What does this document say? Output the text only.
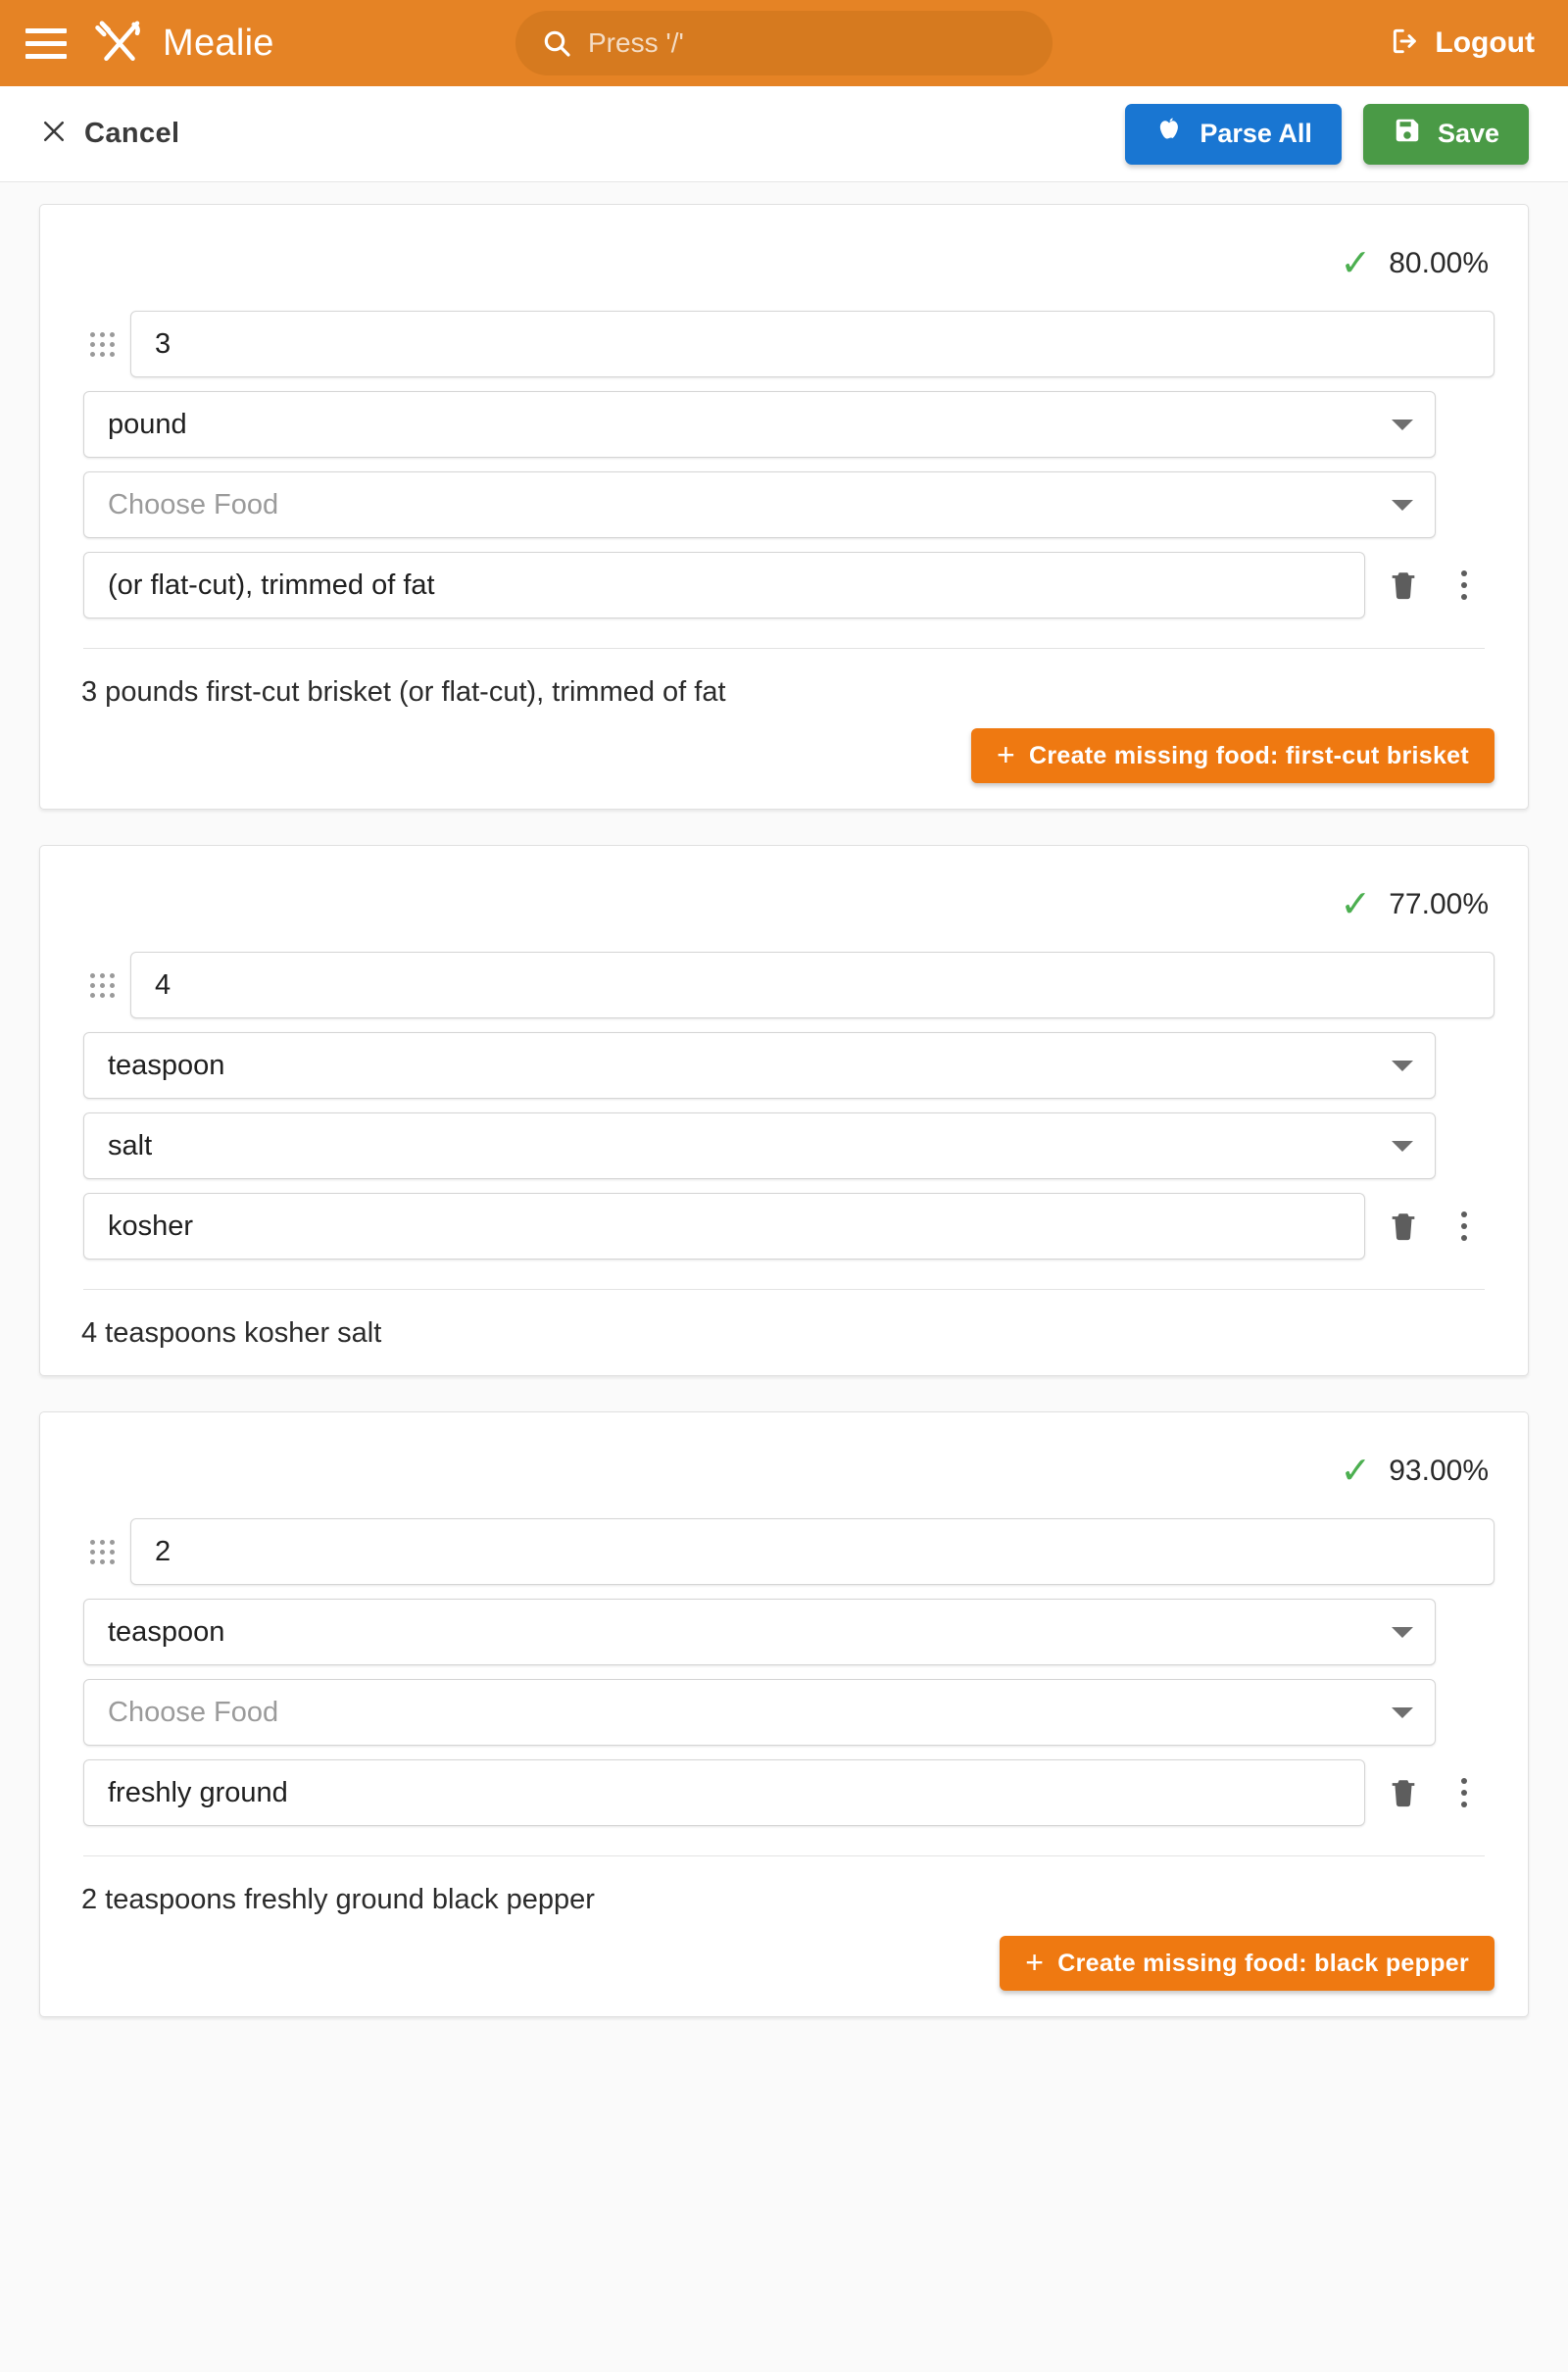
Mealie	Press '/'	Logout
Cancel	Parse All	Save
✓ 80.00%
3
pound
Choose Food
(or flat-cut), trimmed of fat
3 pounds first-cut brisket (or flat-cut), trimmed of fat
+ Create missing food: first-cut brisket
✓ 77.00%
4
teaspoon
salt
kosher
4 teaspoons kosher salt
✓ 93.00%
2
teaspoon
Choose Food
freshly ground
2 teaspoons freshly ground black pepper
+ Create missing food: black pepper
